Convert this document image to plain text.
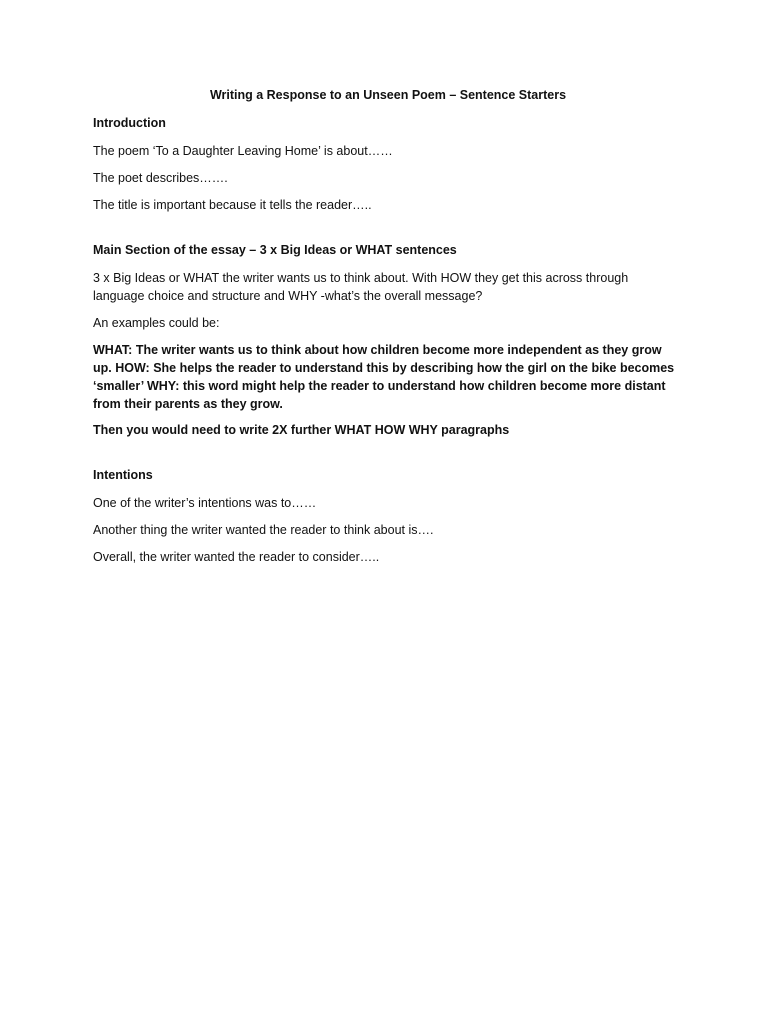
Writing a Response to an Unseen Poem – Sentence Starters
Introduction

The poem ‘To a Daughter Leaving Home’ is about……

The poet describes…….

The title is important because it tells the reader…..

Main Section of the essay – 3 x Big Ideas or WHAT sentences

3 x Big Ideas or WHAT the writer wants us to think about. With HOW they get this across through language choice and structure and WHY -what’s the overall message?

An examples could be:

WHAT: The writer wants us to think about how children become more independent as they grow up. HOW: She helps the reader to understand this by describing how the girl on the bike becomes ‘smaller’ WHY: this word might help the reader to understand how children become more distant from their parents as they grow.

Then you would need to write 2X further WHAT HOW WHY paragraphs

Intentions

One of the writer’s intentions was to……

Another thing the writer wanted the reader to think about is….

Overall, the writer wanted the reader to consider…..
